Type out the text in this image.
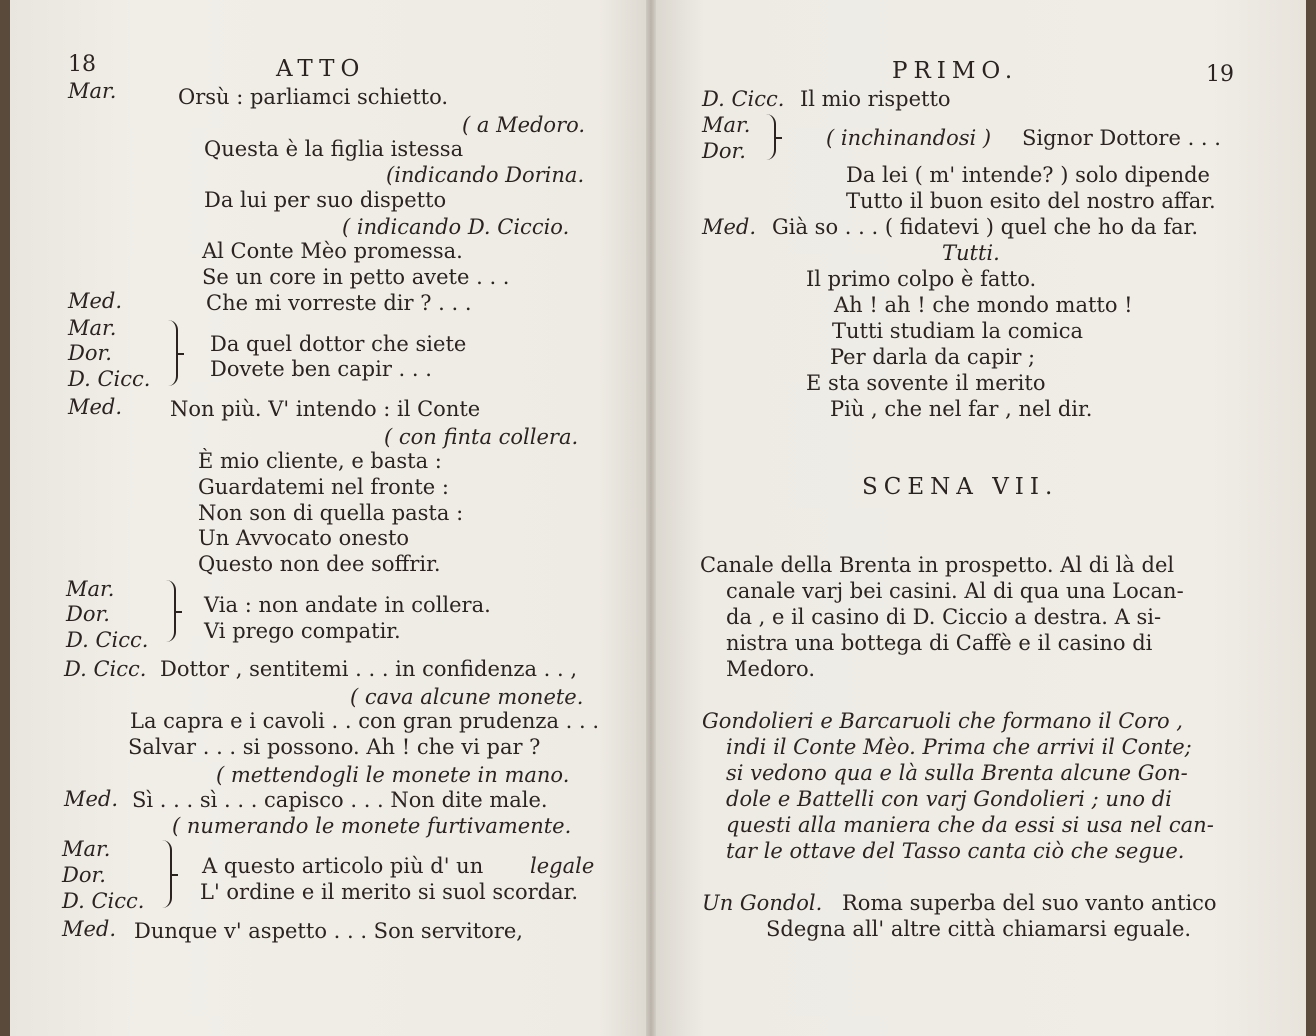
18	ATTO
Mar.	Orsù : parliamci schietto.
( a Medoro.
Questa è la figlia istessa
(indicando Dorina.
Da lui per suo dispetto
( indicando D. Ciccio.
Al Conte Mèo promessa.
Se un core in petto avete . . .
Med.	Che mi vorreste dir ? . . .
Mar.
Dor.
D. Cicc.
Da quel dottor che siete
Dovete ben capir . . .
Med. Non più. V' intendo : il Conte
( con finta collera.
È mio cliente, e basta :
Guardatemi nel fronte :
Non son di quella pasta :
Un Avvocato onesto
Questo non dee soffrir.
Mar.
Dor.
D. Cicc.
Via : non andate in collera.
Vi prego compatir.
D. Cicc. Dottor , sentitemi . . . in confidenza . . ,
( cava alcune monete.
La capra e i cavoli . . con gran prudenza . . .
Salvar . . . si possono. Ah ! che vi par ?
( mettendogli le monete in mano.
Med. Sì . . . sì . . . capisco . . . Non dite male.
( numerando le monete furtivamente.
Mar.
Dor.
D. Cicc.
A questo articolo più d' un legale
L' ordine e il merito si suol scordar.
Med. Dunque v' aspetto . . . Son servitore,
PRIMO.	19
D. Cicc. Il mio rispetto
Mar.
Dor.
( inchinandosi ) Signor Dottore . . .
Da lei ( m' intende? ) solo dipende
Tutto il buon esito del nostro affar.
Med. Già so . . . ( fidatevi ) quel che ho da far.
Tutti.
Il primo colpo è fatto.
Ah ! ah ! che mondo matto !
Tutti studiam la comica
Per darla da capir ;
E sta sovente il merito
Più , che nel far , nel dir.
SCENA VII.
Canale della Brenta in prospetto. Al di là del
canale varj bei casini. Al di qua una Locan-
da , e il casino di D. Ciccio a destra. A si-
nistra una bottega di Caffè e il casino di
Medoro.
Gondolieri e Barcaruoli che formano il Coro ,
indi il Conte Mèo. Prima che arrivi il Conte;
si vedono qua e là sulla Brenta alcune Gon-
dole e Battelli con varj Gondolieri ; uno di
questi alla maniera che da essi si usa nel can-
tar le ottave del Tasso canta ciò che segue.
Un Gondol. Roma superba del suo vanto antico
Sdegna all' altre città chiamarsi eguale.
